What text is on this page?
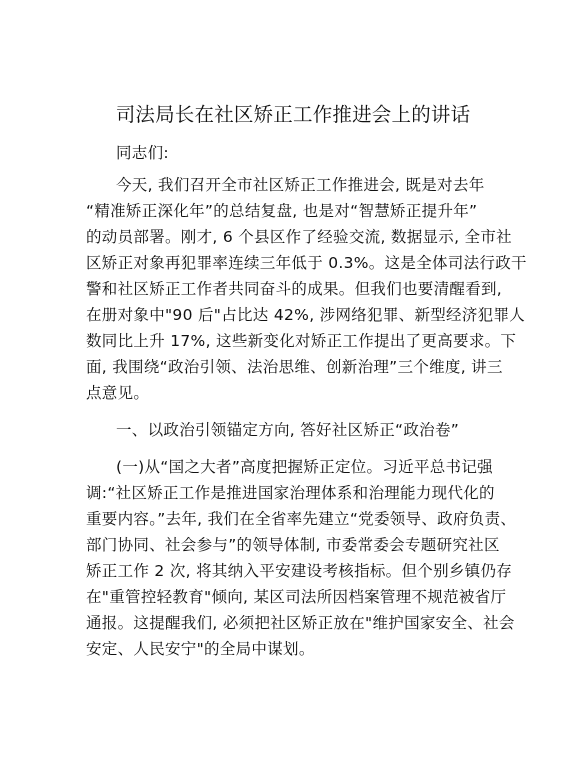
司法局长在社区矫正工作推进会上的讲话
同志们:
今天, 我们召开全市社区矫正工作推进会, 既是对去年
“精准矫正深化年”的总结复盘, 也是对“智慧矫正提升年”
的动员部署。刚才, 6 个县区作了经验交流, 数据显示, 全市社
区矫正对象再犯罪率连续三年低于 0.3%。这是全体司法行政干
警和社区矫正工作者共同奋斗的成果。但我们也要清醒看到,
在册对象中"90 后"占比达 42%, 涉网络犯罪、新型经济犯罪人
数同比上升 17%, 这些新变化对矫正工作提出了更高要求。下
面, 我围绕“政治引领、法治思维、创新治理”三个维度, 讲三
点意见。
一、以政治引领锚定方向, 答好社区矫正“政治卷”
(一)从“国之大者”高度把握矫正定位。习近平总书记强
调:“社区矫正工作是推进国家治理体系和治理能力现代化的
重要内容。”去年, 我们在全省率先建立“党委领导、政府负责、
部门协同、社会参与”的领导体制, 市委常委会专题研究社区
矫正工作 2 次, 将其纳入平安建设考核指标。但个别乡镇仍存
在"重管控轻教育"倾向, 某区司法所因档案管理不规范被省厅
通报。这提醒我们, 必须把社区矫正放在"维护国家安全、社会
安定、人民安宁"的全局中谋划。
